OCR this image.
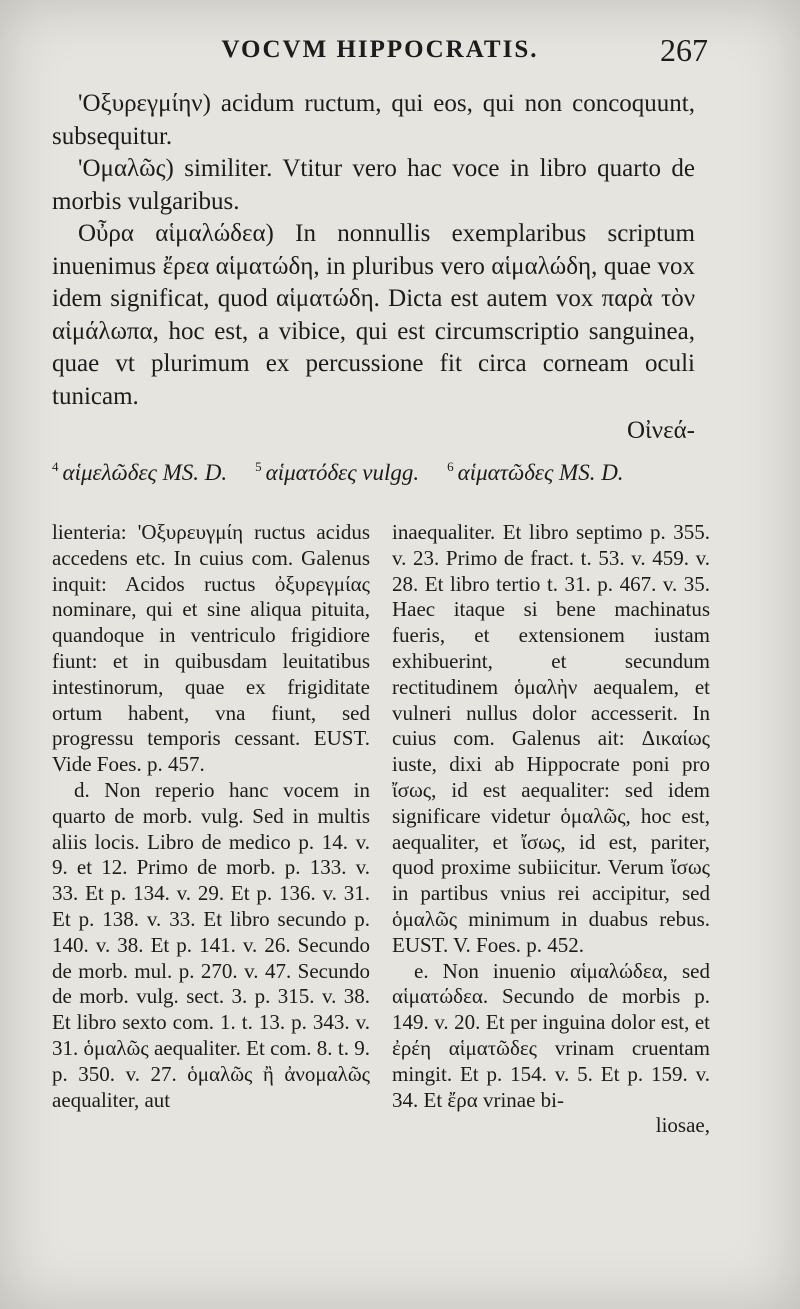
VOCVM HIPPOCRATIS.	267

'Οξυρεγμίην) acidum ructum, qui eos, qui non concoquunt, subsequitur.

'Ομαλῶς) similiter. Vtitur vero hac voce in libro quarto de morbis vulgaribus.

Οὖρα αἱμαλώδεα) In nonnullis exemplaribus scriptum inuenimus ἔρεα αἱματώδη, in pluribus vero αἱμαλώδη, quae vox idem significat, quod αἱματώδη. Dicta est autem vox παρὰ τὸν αἱμάλωπα, hoc est, a vibice, qui est circumscriptio sanguinea, quae vt plurimum ex percussione fit circa corneam oculi tunicam.

Οἰνεά-

$^4$ αἱμελῶδες MS. D. $^5$ αἱματόδες vulgg. $^6$ αἱματῶδες MS. D.

lienteria: 'Οξυρευγμίη ructus acidus accedens etc. In cuius com. Galenus inquit: Acidos ructus ὀξυρεγμίας nominare, qui et sine aliqua pituita, quandoque in ventriculo frigidiore fiunt: et in quibusdam leuitatibus intestinorum, quae ex frigiditate ortum habent, vna fiunt, sed progressu temporis cessant. EUST. Vide Foes. p. 457.

d. Non reperio hanc vocem in quarto de morb. vulg. Sed in multis aliis locis. Libro de medico p. 14. v. 9. et 12. Primo de morb. p. 133. v. 33. Et p. 134. v. 29. Et p. 136. v. 31. Et p. 138. v. 33. Et libro secundo p. 140. v. 38. Et p. 141. v. 26. Secundo de morb. mul. p. 270. v. 47. Secundo de morb. vulg. sect. 3. p. 315. v. 38. Et libro sexto com. 1. t. 13. p. 343. v. 31. ὁμαλῶς aequaliter. Et com. 8. t. 9. p. 350. v. 27. ὁμαλῶς ἢ ἀνομαλῶς aequaliter, aut

inaequaliter. Et libro septimo p. 355. v. 23. Primo de fract. t. 53. v. 459. v. 28. Et libro tertio t. 31. p. 467. v. 35. Haec itaque si bene machinatus fueris, et extensionem iustam exhibuerint, et secundum rectitudinem ὁμαλὴν aequalem, et vulneri nullus dolor accesserit. In cuius com. Galenus ait: Δικαίως iuste, dixi ab Hippocrate poni pro ἴσως, id est aequaliter: sed idem significare videtur ὁμαλῶς, hoc est, aequaliter, et ἴσως, id est, pariter, quod proxime subiicitur. Verum ἴσως in partibus vnius rei accipitur, sed ὁμαλῶς minimum in duabus rebus. EUST. V. Foes. p. 452.

e. Non inuenio αἱμαλώδεα, sed αἱματώδεα. Secundo de morbis p. 149. v. 20. Et per inguina dolor est, et ἐρέη αἱματῶδες vrinam cruentam mingit. Et p. 154. v. 5. Et p. 159. v. 34. Et ἔρα vrinae bi-

liosae,
